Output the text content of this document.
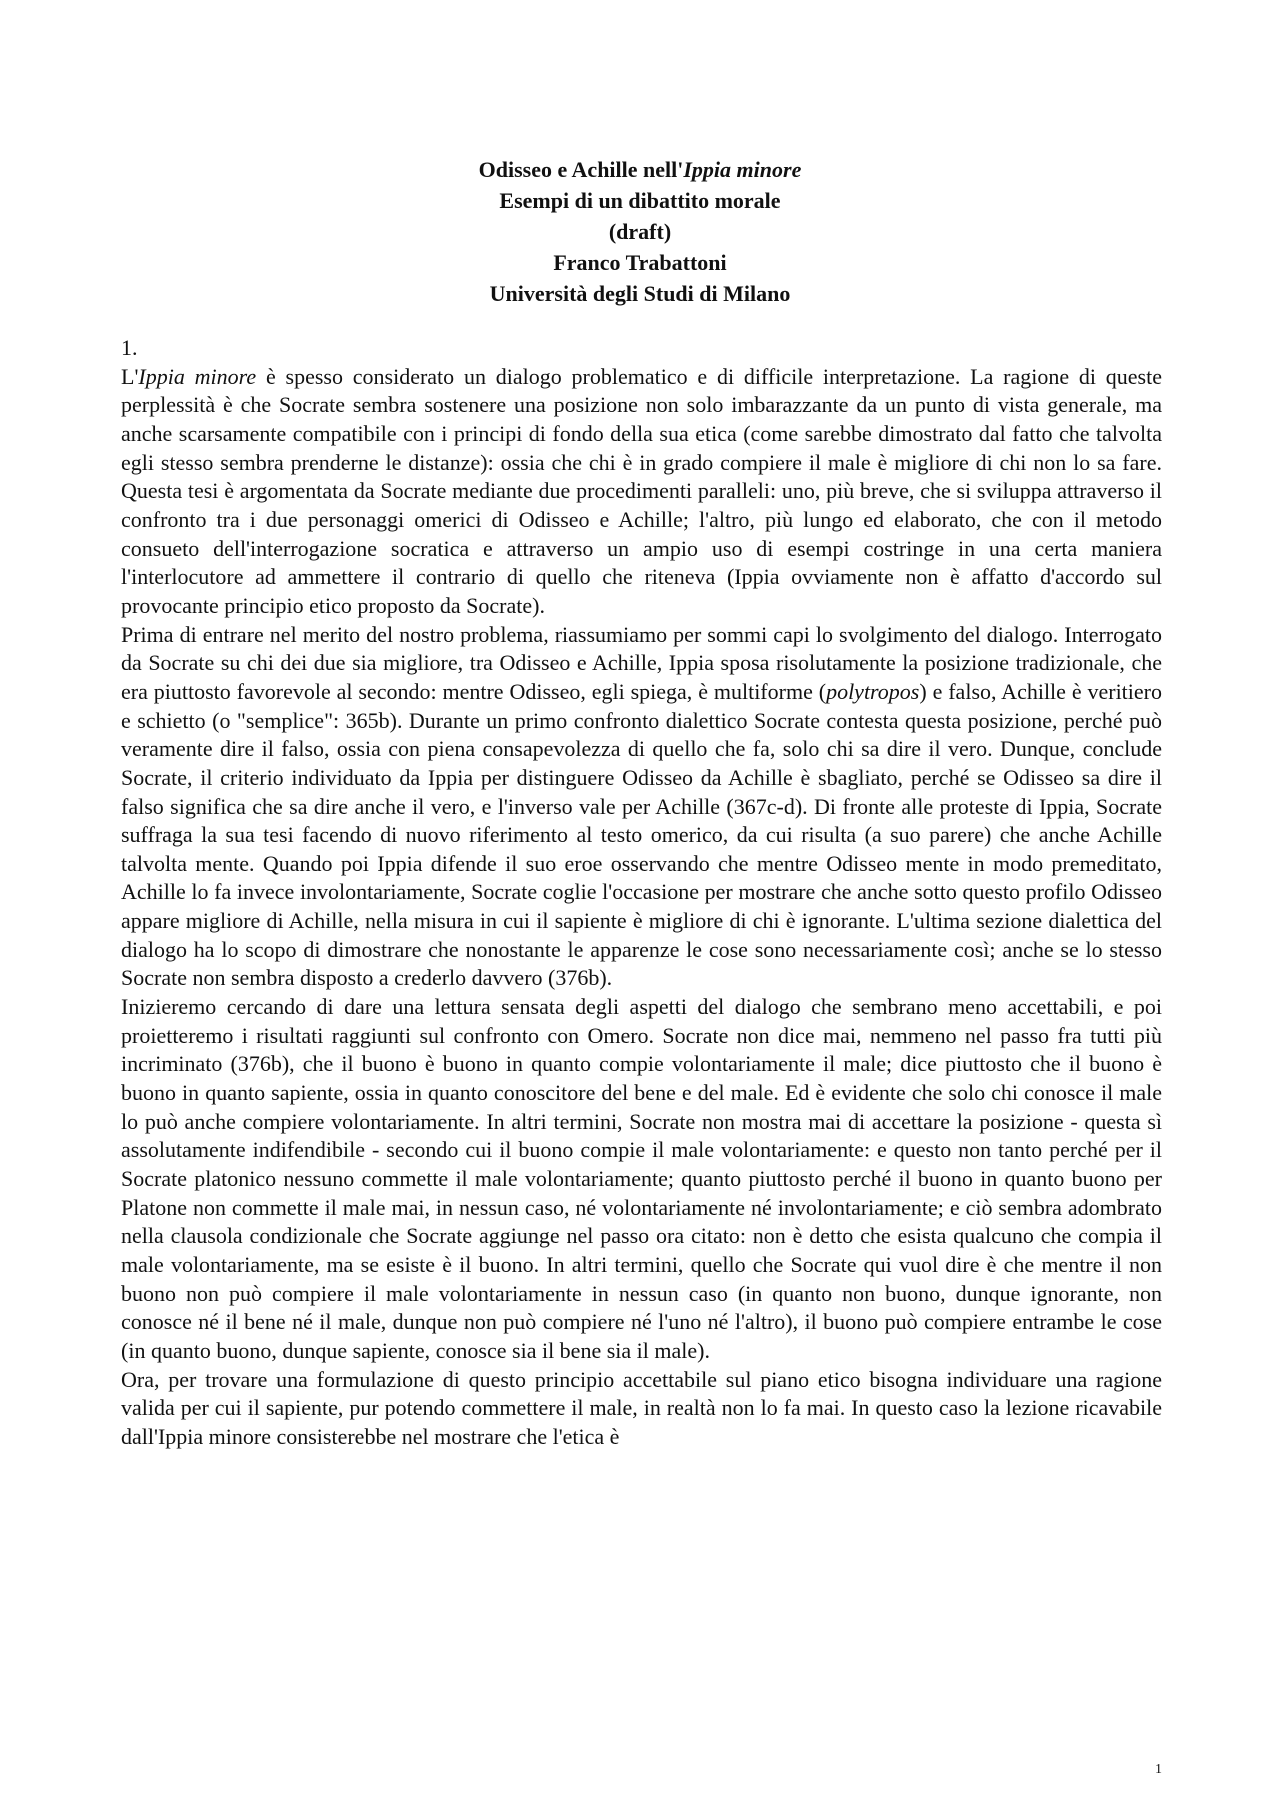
Odisseo e Achille nell'Ippia minore
Esempi di un dibattito morale
(draft)
Franco Trabattoni
Università degli Studi di Milano

1.

L'Ippia minore è spesso considerato un dialogo problematico e di difficile interpretazione. La ragione di queste perplessità è che Socrate sembra sostenere una posizione non solo imbarazzante da un punto di vista generale, ma anche scarsamente compatibile con i principi di fondo della sua etica (come sarebbe dimostrato dal fatto che talvolta egli stesso sembra prenderne le distanze): ossia che chi è in grado compiere il male è migliore di chi non lo sa fare. Questa tesi è argomentata da Socrate mediante due procedimenti paralleli: uno, più breve, che si sviluppa attraverso il confronto tra i due personaggi omerici di Odisseo e Achille; l'altro, più lungo ed elaborato, che con il metodo consueto dell'interrogazione socratica e attraverso un ampio uso di esempi costringe in una certa maniera l'interlocutore ad ammettere il contrario di quello che riteneva (Ippia ovviamente non è affatto d'accordo sul provocante principio etico proposto da Socrate).

Prima di entrare nel merito del nostro problema, riassumiamo per sommi capi lo svolgimento del dialogo. Interrogato da Socrate su chi dei due sia migliore, tra Odisseo e Achille, Ippia sposa risolutamente la posizione tradizionale, che era piuttosto favorevole al secondo: mentre Odisseo, egli spiega, è multiforme (polytropos) e falso, Achille è veritiero e schietto (o "semplice": 365b). Durante un primo confronto dialettico Socrate contesta questa posizione, perché può veramente dire il falso, ossia con piena consapevolezza di quello che fa, solo chi sa dire il vero. Dunque, conclude Socrate, il criterio individuato da Ippia per distinguere Odisseo da Achille è sbagliato, perché se Odisseo sa dire il falso significa che sa dire anche il vero, e l'inverso vale per Achille (367c-d). Di fronte alle proteste di Ippia, Socrate suffraga la sua tesi facendo di nuovo riferimento al testo omerico, da cui risulta (a suo parere) che anche Achille talvolta mente. Quando poi Ippia difende il suo eroe osservando che mentre Odisseo mente in modo premeditato, Achille lo fa invece involontariamente, Socrate coglie l'occasione per mostrare che anche sotto questo profilo Odisseo appare migliore di Achille, nella misura in cui il sapiente è migliore di chi è ignorante. L'ultima sezione dialettica del dialogo ha lo scopo di dimostrare che nonostante le apparenze le cose sono necessariamente così; anche se lo stesso Socrate non sembra disposto a crederlo davvero (376b).

Inizieremo cercando di dare una lettura sensata degli aspetti del dialogo che sembrano meno accettabili, e poi proietteremo i risultati raggiunti sul confronto con Omero. Socrate non dice mai, nemmeno nel passo fra tutti più incriminato (376b), che il buono è buono in quanto compie volontariamente il male; dice piuttosto che il buono è buono in quanto sapiente, ossia in quanto conoscitore del bene e del male. Ed è evidente che solo chi conosce il male lo può anche compiere volontariamente. In altri termini, Socrate non mostra mai di accettare la posizione - questa sì assolutamente indifendibile - secondo cui il buono compie il male volontariamente: e questo non tanto perché per il Socrate platonico nessuno commette il male volontariamente; quanto piuttosto perché il buono in quanto buono per Platone non commette il male mai, in nessun caso, né volontariamente né involontariamente; e ciò sembra adombrato nella clausola condizionale che Socrate aggiunge nel passo ora citato: non è detto che esista qualcuno che compia il male volontariamente, ma se esiste è il buono. In altri termini, quello che Socrate qui vuol dire è che mentre il non buono non può compiere il male volontariamente in nessun caso (in quanto non buono, dunque ignorante, non conosce né il bene né il male, dunque non può compiere né l'uno né l'altro), il buono può compiere entrambe le cose (in quanto buono, dunque sapiente, conosce sia il bene sia il male).

Ora, per trovare una formulazione di questo principio accettabile sul piano etico bisogna individuare una ragione valida per cui il sapiente, pur potendo commettere il male, in realtà non lo fa mai. In questo caso la lezione ricavabile dall'Ippia minore consisterebbe nel mostrare che l'etica è

1
